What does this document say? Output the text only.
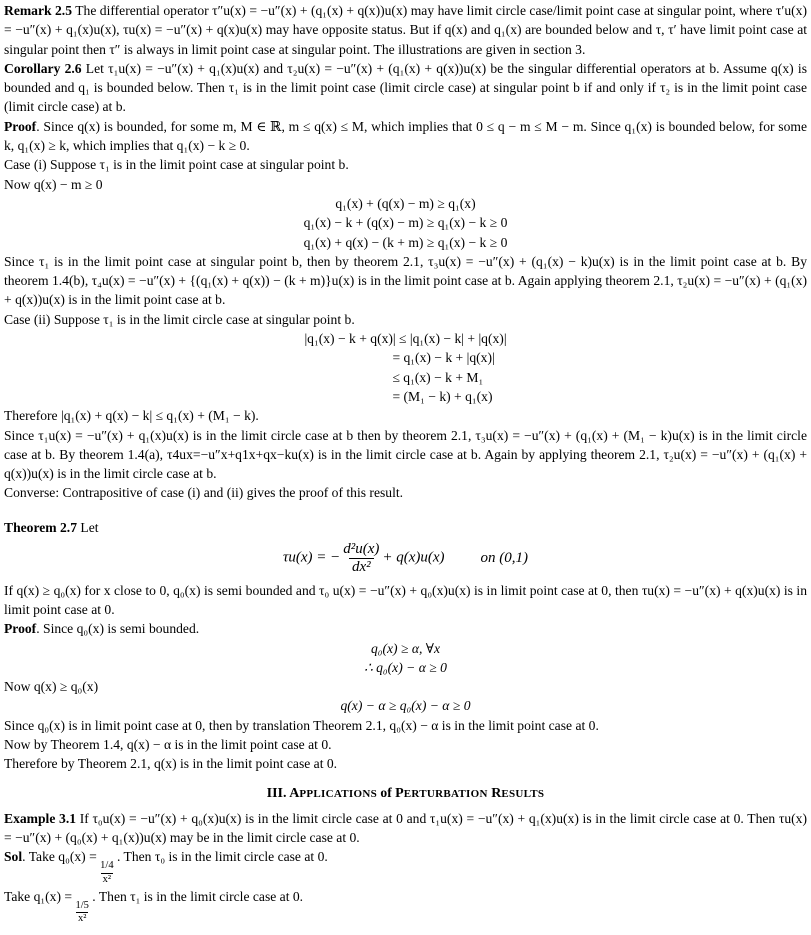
Remark 2.5 The differential operator τ″u(x) = −u″(x) + (q₁(x) + q(x))u(x) may have limit circle case/limit point case at singular point, where τ′u(x) = −u″(x) + q₁(x)u(x), τu(x) = −u″(x) + q(x)u(x) may have opposite status. But if q(x) and q₁(x) are bounded below and τ, τ′ have limit point case at singular point then τ″ is always in limit point case at singular point. The illustrations are given in section 3.

Corollary 2.6 Let τ₁u(x) = −u″(x) + q₁(x)u(x) and τ₂u(x) = −u″(x) + (q₁(x) + q(x))u(x) be the singular differential operators at b. Assume q(x) is bounded and q₁ is bounded below. Then τ₁ is in the limit point case (limit circle case) at singular point b if and only if τ₂ is in the limit point case (limit circle case) at b.

Proof. Since q(x) is bounded, for some m, M ∈ ℝ, m ≤ q(x) ≤ M, which implies that 0 ≤ q − m ≤ M − m. Since q₁(x) is bounded below, for some k, q₁(x) ≥ k, which implies that q₁(x) − k ≥ 0.

Case (i) Suppose τ₁ is in the limit point case at singular point b.

Now q(x) − m ≥ 0

q₁(x) + (q(x) − m) ≥ q₁(x)
q₁(x) − k + (q(x) − m) ≥ q₁(x) − k ≥ 0
q₁(x) + q(x) − (k + m) ≥ q₁(x) − k ≥ 0

Since τ₁ is in the limit point case at singular point b, then by theorem 2.1, τ₃u(x) = −u″(x) + (q₁(x) − k)u(x) is in the limit point case at b. By theorem 1.4(b), τ₄u(x) = −u″(x) + {(q₁(x) + q(x)) − (k + m)}u(x) is in the limit point case at b. Again applying theorem 2.1, τ₂u(x) = −u″(x) + (q₁(x) + q(x))u(x) is in the limit point case at b.

Case (ii) Suppose τ₁ is in the limit circle case at singular point b.

|q₁(x) − k + q(x)| ≤ |q₁(x) − k| + |q(x)|
= q₁(x) − k + |q(x)|
≤ q₁(x) − k + M₁
= (M₁ − k) + q₁(x)

Therefore |q₁(x) + q(x) − k| ≤ q₁(x) + (M₁ − k).

Since τ₁u(x) = −u″(x) + q₁(x)u(x) is in the limit circle case at b then by theorem 2.1, τ₃u(x) = −u″(x) + (q₁(x) + (M₁ − k)u(x) is in the limit circle case at b. By theorem 1.4(a), τ4ux=−u″x+q1x+qx−ku(x) is in the limit circle case at b. Again by applying theorem 2.1, τ₂u(x) = −u″(x) + (q₁(x) + q(x))u(x) is in the limit circle case at b.

Converse: Contrapositive of case (i) and (ii) gives the proof of this result.

Theorem 2.7 Let

τu(x) = − $\frac{\text{d²u(x)}}{\text{dx²}} + q(x)u(x)$ on (0,1)

If q(x) ≥ q₀(x) for x close to 0, q₀(x) is semi bounded and τ₀ u(x) = −u″(x) + q₀(x)u(x) is in limit point case at 0, then τu(x) = −u″(x) + q(x)u(x) is in limit point case at 0.

Proof. Since q₀(x) is semi bounded.

q₀(x) ≥ α, ∀x
∴ q₀(x) − α ≥ 0

Now q(x) ≥ q₀(x)

q(x) − α ≥ q₀(x) − α ≥ 0

Since q₀(x) is in limit point case at 0, then by translation Theorem 2.1, q₀(x) − α is in the limit point case at 0.

Now by Theorem 1.4, q(x) − α is in the limit point case at 0.

Therefore by Theorem 2.1, q(x) is in the limit point case at 0.

III. APPLICATIONS of PERTURBATION RESULTS

Example 3.1 If τ₀u(x) = −u″(x) + q₀(x)u(x) is in the limit circle case at 0 and τ₁u(x) = −u″(x) + q₁(x)u(x) is in the limit circle case at 0. Then τu(x) = −u″(x) + (q₀(x) + q₁(x))u(x) may be in the limit circle case at 0.

Sol. Take q₀(x) =
$\frac{1/4}{\text{x²}}$
. Then τ₀ is in the limit circle case at 0.

Take q₁(x) =
$\frac{1/5}{\text{x²}}$
. Then τ₁ is in the limit circle case at 0.
